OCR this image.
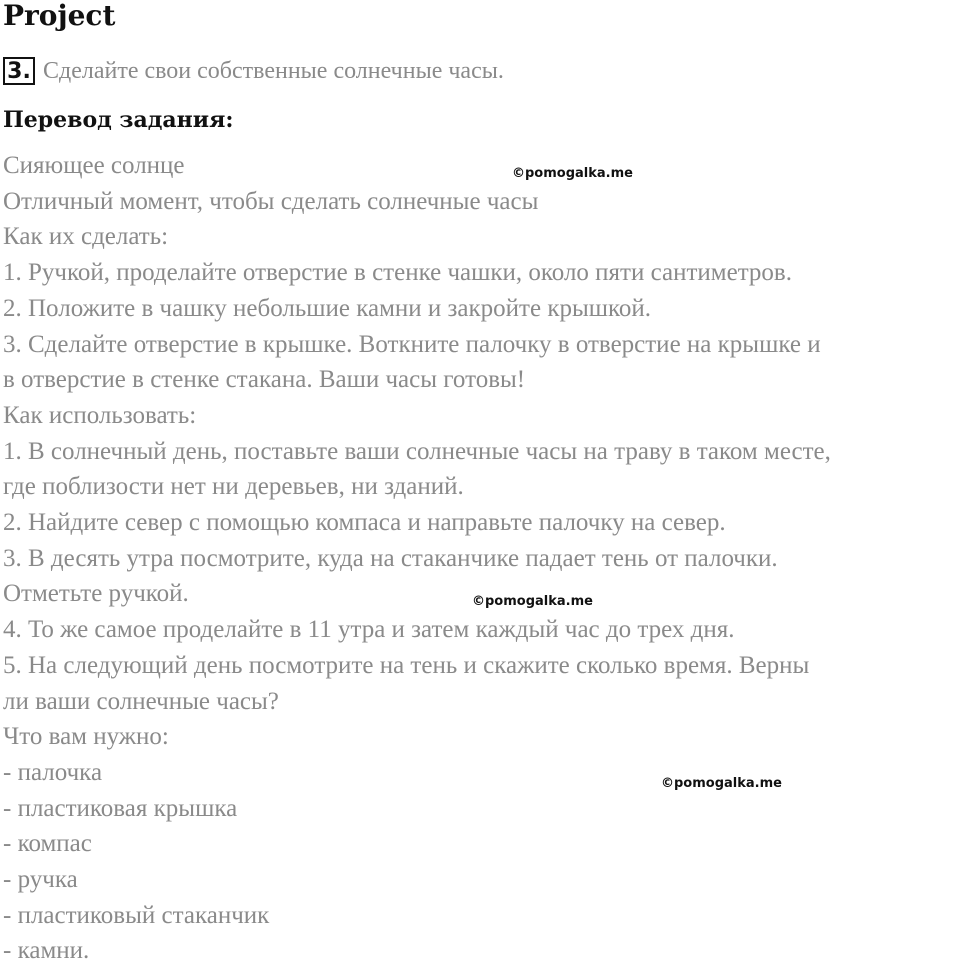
Project
3. Сделайте свои собственные солнечные часы.
Перевод задания:
Сияющее солнце
Отличный момент, чтобы сделать солнечные часы
Как их сделать:
1. Ручкой, проделайте отверстие в стенке чашки, около пяти сантиметров.
2. Положите в чашку небольшие камни и закройте крышкой.
3. Сделайте отверстие в крышке. Воткните палочку в отверстие на крышке и
в отверстие в стенке стакана. Ваши часы готовы!
Как использовать:
1. В солнечный день, поставьте ваши солнечные часы на траву в таком месте,
где поблизости нет ни деревьев, ни зданий.
2. Найдите север с помощью компаса и направьте палочку на север.
3. В десять утра посмотрите, куда на стаканчике падает тень от палочки.
Отметьте ручкой.
4. То же самое проделайте в 11 утра и затем каждый час до трех дня.
5. На следующий день посмотрите на тень и скажите сколько время. Верны
ли ваши солнечные часы?
Что вам нужно:
- палочка
- пластиковая крышка
- компас
- ручка
- пластиковый стаканчик
- камни.
©pomogalka.me
©pomogalka.me
©pomogalka.me
